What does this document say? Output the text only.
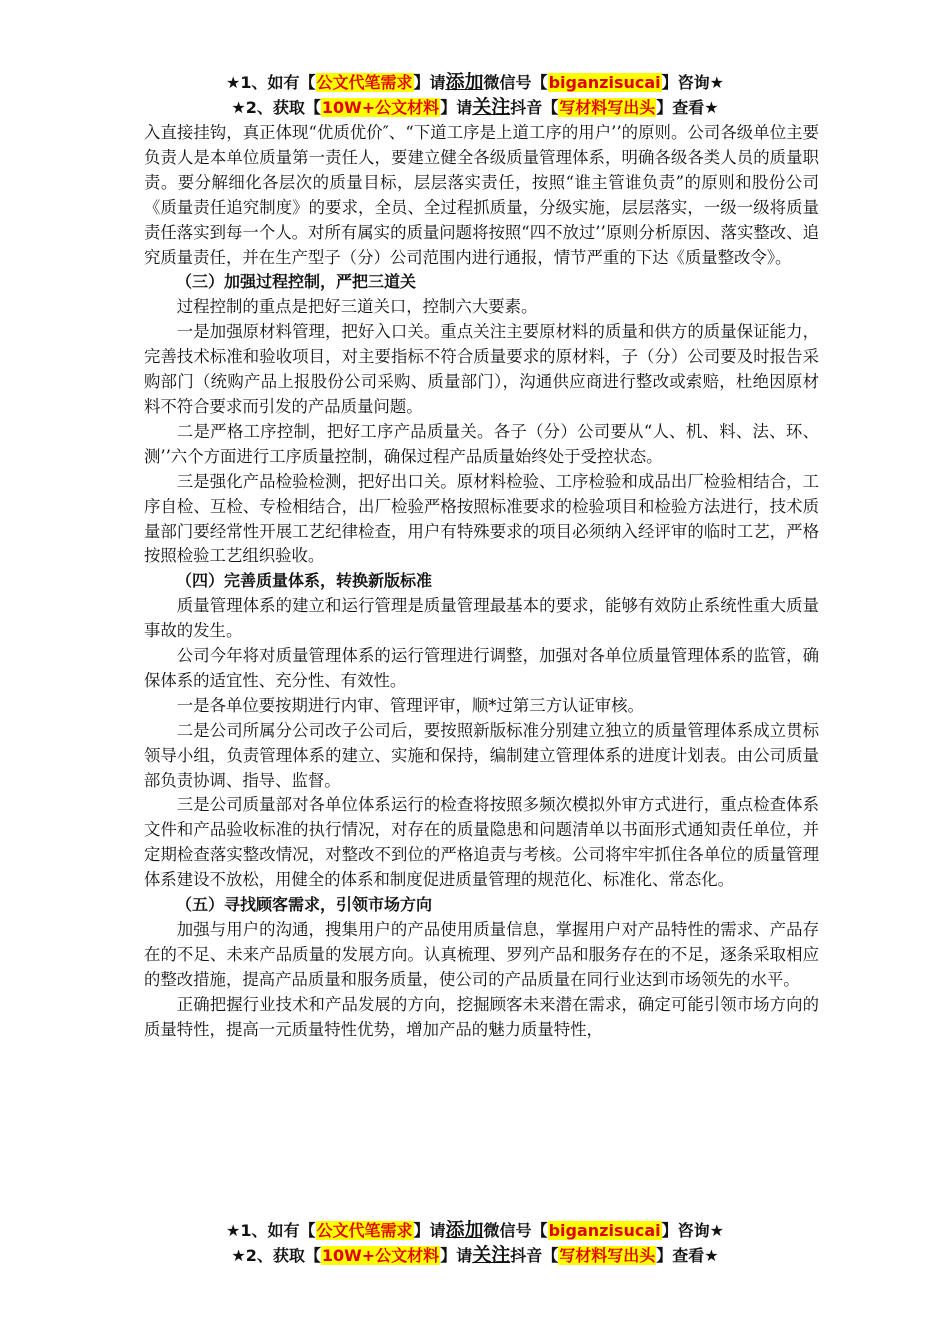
★1、如有【公文代笔需求】请添加微信号【biganzisucai】咨询★
★2、获取【10W+公文材料】请关注抖音【写材料写出头】查看★

入直接挂钩，真正体现“优质优价″、“下道工序是上道工序的用户’’的原则。公司各级单位主要负责人是本单位质量第一责任人，要建立健全各级质量管理体系，明确各级各类人员的质量职责。要分解细化各层次的质量目标，层层落实责任，按照“谁主管谁负责”的原则和股份公司《质量责任追究制度》的要求，全员、全过程抓质量，分级实施，层层落实，一级一级将质量责任落实到每一个人。对所有属实的质量问题将按照“四不放过’’原则分析原因、落实整改、追究质量责任，并在生产型子（分）公司范围内进行通报，情节严重的下达《质量整改令》。

（三）加强过程控制，严把三道关

过程控制的重点是把好三道关口，控制六大要素。

一是加强原材料管理，把好入口关。重点关注主要原材料的质量和供方的质量保证能力，完善技术标准和验收项目，对主要指标不符合质量要求的原材料，子（分）公司要及时报告采购部门（统购产品上报股份公司采购、质量部门），沟通供应商进行整改或索赔，杜绝因原材料不符合要求而引发的产品质量问题。

二是严格工序控制，把好工序产品质量关。各子（分）公司要从“人、机、料、法、环、测’’六个方面进行工序质量控制，确保过程产品质量始终处于受控状态。

三是强化产品检验检测，把好出口关。原材料检验、工序检验和成品出厂检验相结合，工序自检、互检、专检相结合，出厂检验严格按照标准要求的检验项目和检验方法进行，技术质量部门要经常性开展工艺纪律检查，用户有特殊要求的项目必须纳入经评审的临时工艺，严格按照检验工艺组织验收。

（四）完善质量体系，转换新版标准

质量管理体系的建立和运行管理是质量管理最基本的要求，能够有效防止系统性重大质量事故的发生。

公司今年将对质量管理体系的运行管理进行调整，加强对各单位质量管理体系的监管，确保体系的适宜性、充分性、有效性。

一是各单位要按期进行内审、管理评审，顺*过第三方认证审核。

二是公司所属分公司改子公司后，要按照新版标准分别建立独立的质量管理体系成立贯标领导小组，负责管理体系的建立、实施和保持，编制建立管理体系的进度计划表。由公司质量部负责协调、指导、监督。

三是公司质量部对各单位体系运行的检查将按照多频次模拟外审方式进行，重点检查体系文件和产品验收标准的执行情况，对存在的质量隐患和问题清单以书面形式通知责任单位，并定期检查落实整改情况，对整改不到位的严格追责与考核。公司将牢牢抓住各单位的质量管理体系建设不放松，用健全的体系和制度促进质量管理的规范化、标准化、常态化。

（五）寻找顾客需求，引领市场方向

加强与用户的沟通，搜集用户的产品使用质量信息，掌握用户对产品特性的需求、产品存在的不足、未来产品质量的发展方向。认真梳理、罗列产品和服务存在的不足，逐条采取相应的整改措施，提高产品质量和服务质量，使公司的产品质量在同行业达到市场领先的水平。

正确把握行业技术和产品发展的方向，挖掘顾客未来潜在需求，确定可能引领市场方向的质量特性，提高一元质量特性优势，增加产品的魅力质量特性，

★1、如有【公文代笔需求】请添加微信号【biganzisucai】咨询★
★2、获取【10W+公文材料】请关注抖音【写材料写出头】查看★
